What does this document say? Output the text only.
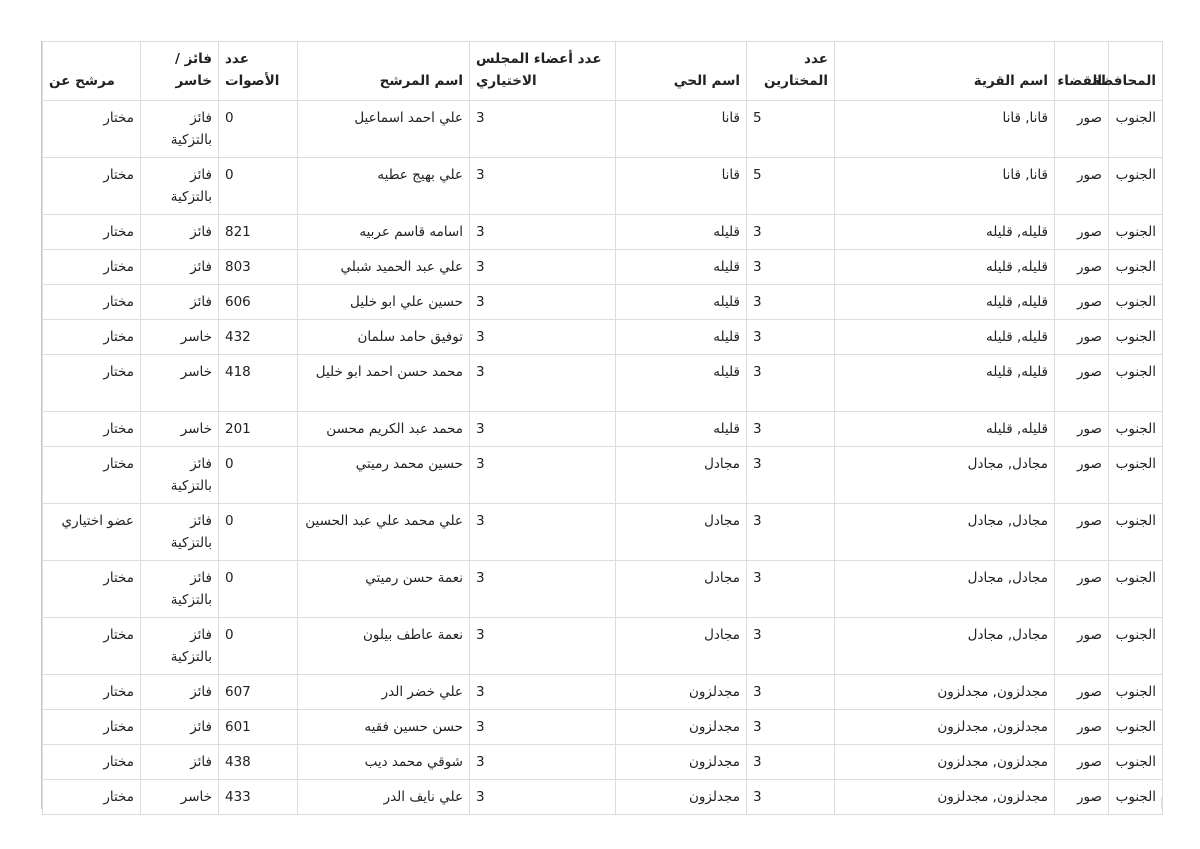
المحافظة	القضاء	اسم القرية	عدد المختارين	اسم الحي	عدد أعضاء المجلس الاختياري	اسم المرشح	عدد الأصوات	فائز / خاسر	مرشح عن
الجنوب	صور	قانا, قانا	5	قانا	3	علي احمد اسماعيل	0	فائز بالتزكية	مختار
الجنوب	صور	قانا, قانا	5	قانا	3	علي بهيج عطيه	0	فائز بالتزكية	مختار
الجنوب	صور	قليله, قليله	3	قليله	3	اسامه قاسم عربيه	821	فائز	مختار
الجنوب	صور	قليله, قليله	3	قليله	3	علي عبد الحميد شبلي	803	فائز	مختار
الجنوب	صور	قليله, قليله	3	قليله	3	حسين علي ابو خليل	606	فائز	مختار
الجنوب	صور	قليله, قليله	3	قليله	3	توفيق حامد سلمان	432	خاسر	مختار
الجنوب	صور	قليله, قليله	3	قليله	3	محمد حسن احمد ابو خليل	418	خاسر	مختار
الجنوب	صور	قليله, قليله	3	قليله	3	محمد عبد الكريم محسن	201	خاسر	مختار
الجنوب	صور	مجادل, مجادل	3	مجادل	3	حسين محمد رميتي	0	فائز بالتزكية	مختار
الجنوب	صور	مجادل, مجادل	3	مجادل	3	علي محمد علي عبد الحسين	0	فائز بالتزكية	عضو اختياري
الجنوب	صور	مجادل, مجادل	3	مجادل	3	نعمة حسن رميتي	0	فائز بالتزكية	مختار
الجنوب	صور	مجادل, مجادل	3	مجادل	3	نعمة عاطف بيلون	0	فائز بالتزكية	مختار
الجنوب	صور	مجدلزون, مجدلزون	3	مجدلزون	3	علي خضر الدر	607	فائز	مختار
الجنوب	صور	مجدلزون, مجدلزون	3	مجدلزون	3	حسن حسين فقيه	601	فائز	مختار
الجنوب	صور	مجدلزون, مجدلزون	3	مجدلزون	3	شوقي محمد ديب	438	فائز	مختار
الجنوب	صور	مجدلزون, مجدلزون	3	مجدلزون	3	علي نايف الدر	433	خاسر	مختار
